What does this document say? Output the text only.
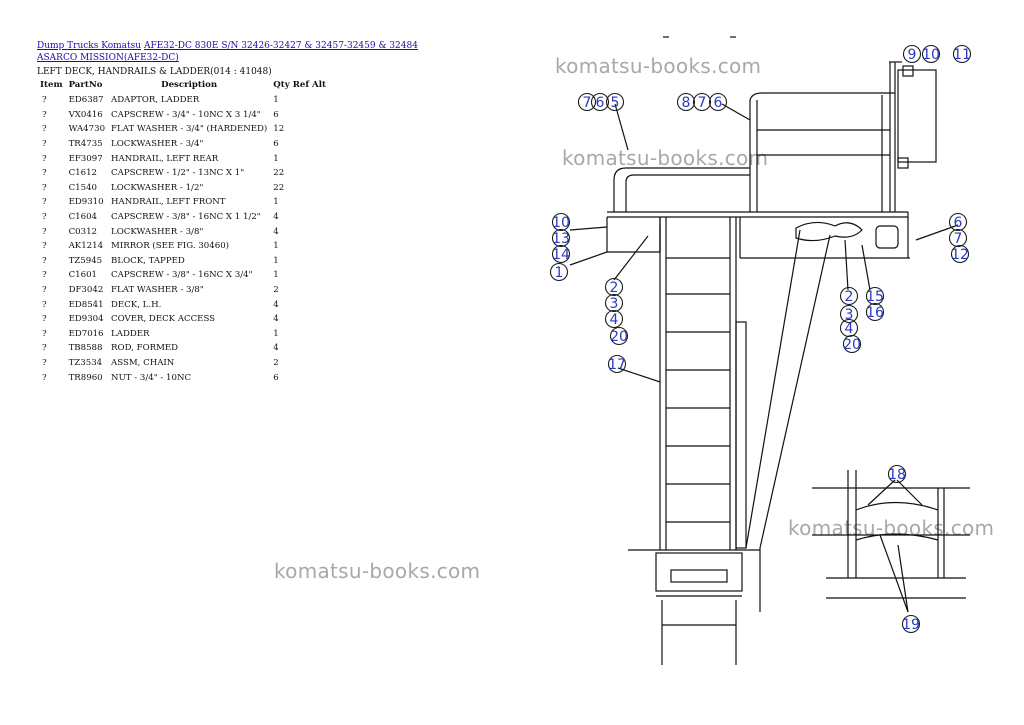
Dump Trucks Komatsu AFE32-DC 830E S/N 32426-32427 & 32457-32459 & 32484 ASARCO MISSION(AFE32-DC)
LEFT DECK, HANDRAILS & LADDER(014 : 41048)
Item	PartNo	Description	Qty Ref Alt
?	ED6387	ADAPTOR, LADDER	1
?	VX0416	CAPSCREW - 3/4" - 10NC X 3 1/4"	6
?	WA4730	FLAT WASHER - 3/4" (HARDENED)	12
?	TR4735	LOCKWASHER - 3/4"	6
?	EF3097	HANDRAIL, LEFT REAR	1
?	C1612	CAPSCREW - 1/2" - 13NC X 1"	22
?	C1540	LOCKWASHER - 1/2"	22
?	ED9310	HANDRAIL, LEFT FRONT	1
?	C1604	CAPSCREW - 3/8" - 16NC X 1 1/2"	4
?	C0312	LOCKWASHER - 3/8"	4
?	AK1214	MIRROR (SEE FIG. 30460)	1
?	TZ5945	BLOCK, TAPPED	1
?	C1601	CAPSCREW - 3/8" - 16NC X 3/4"	1
?	DF3042	FLAT WASHER - 3/8"	2
?	ED8541	DECK, L.H.	4
?	ED9304	COVER, DECK ACCESS	4
?	ED7016	LADDER	1
?	TB8588	ROD, FORMED	4
?	TZ3534	ASSM, CHAIN	2
?	TR8960	NUT - 3/4" - 10NC	6
komatsu-books.com
komatsu-books.com
komatsu-books.com
komatsu-books.com
7 6 5	8 7 6
9 10 11
10
13
14
1
6
7
12
2
3
4
20
2 15
16
3
4
20
17
18
19
